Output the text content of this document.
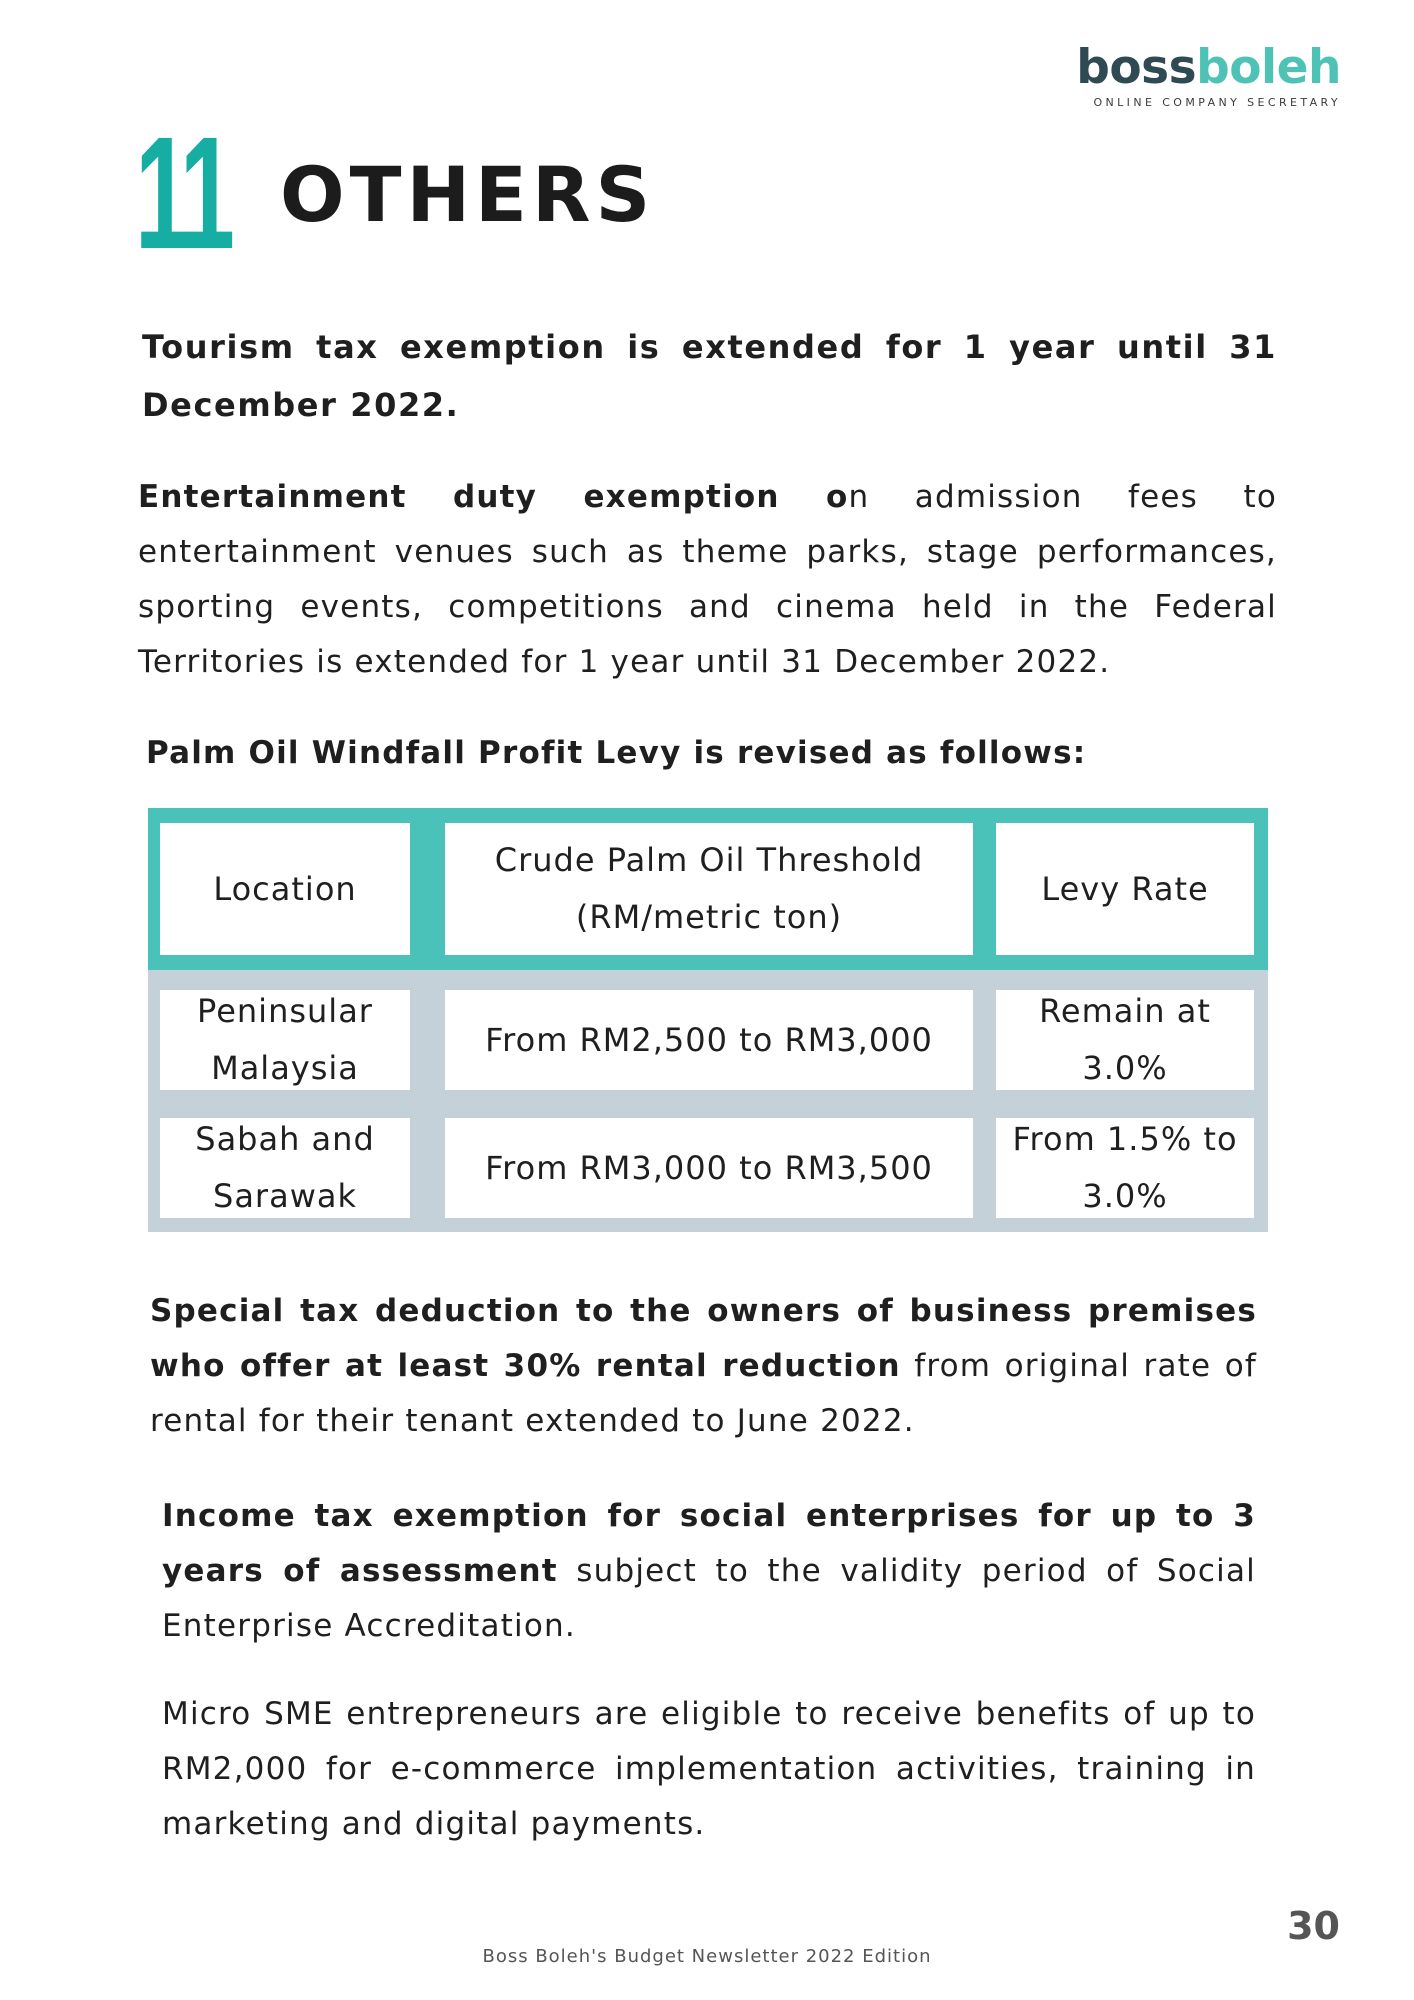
bossboleh
ONLINE COMPANY SECRETARY
11 OTHERS
Tourism tax exemption is extended for 1 year until 31 December 2022.
Entertainment duty exemption on admission fees to entertainment venues such as theme parks, stage performances, sporting events, competitions and cinema held in the Federal Territories is extended for 1 year until 31 December 2022.
Palm Oil Windfall Profit Levy is revised as follows:
Location
Crude Palm Oil Threshold (RM/metric ton)
Levy Rate
Peninsular Malaysia
From RM2,500 to RM3,000
Remain at 3.0%
Sabah and Sarawak
From RM3,000 to RM3,500
From 1.5% to 3.0%
Special tax deduction to the owners of business premises who offer at least 30% rental reduction from original rate of rental for their tenant extended to June 2022.
Income tax exemption for social enterprises for up to 3 years of assessment subject to the validity period of Social Enterprise Accreditation.
Micro SME entrepreneurs are eligible to receive benefits of up to RM2,000 for e-commerce implementation activities, training in marketing and digital payments.
30
Boss Boleh's Budget Newsletter 2022 Edition
